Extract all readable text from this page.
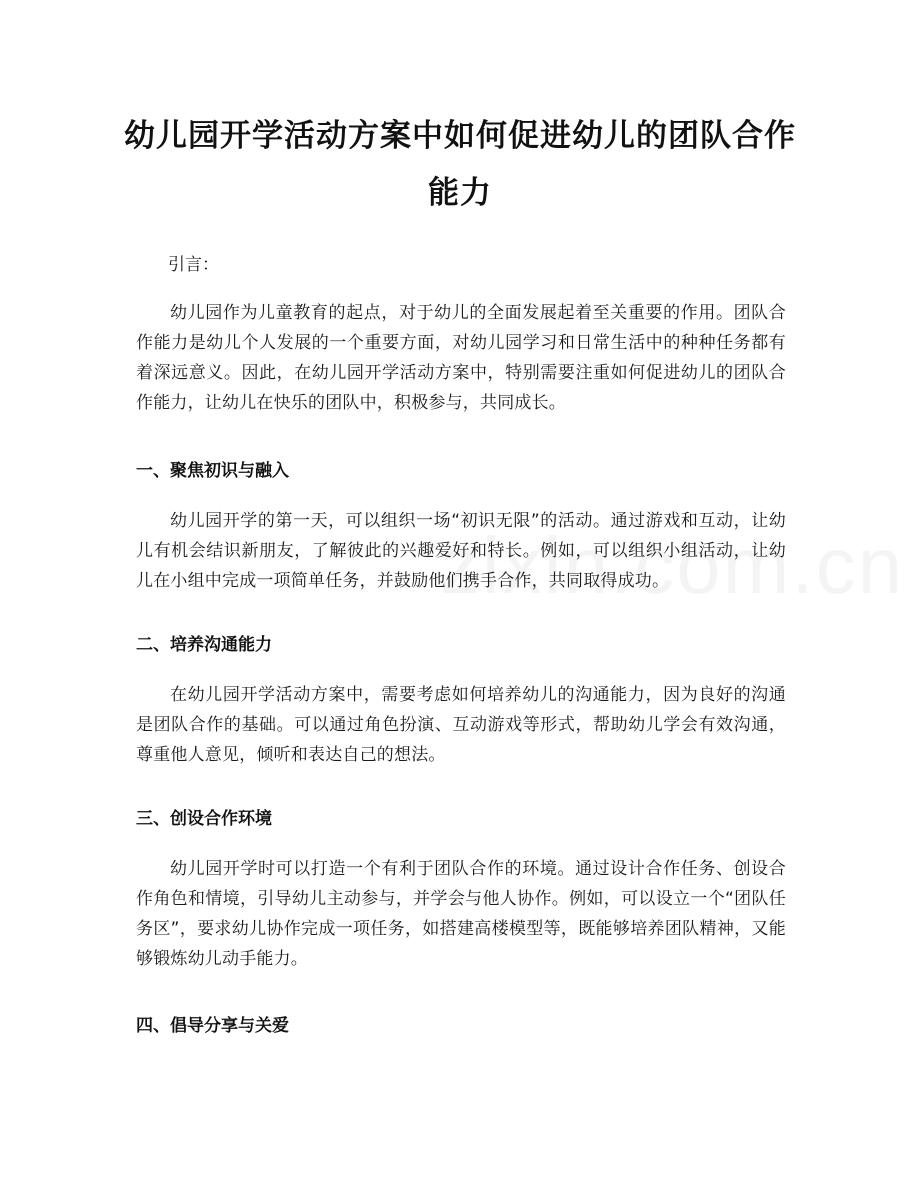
幼儿园开学活动方案中如何促进幼儿的团队合作能力
引言：
幼儿园作为儿童教育的起点，对于幼儿的全面发展起着至关重要的作用。团队合作能力是幼儿个人发展的一个重要方面，对幼儿园学习和日常生活中的种种任务都有着深远意义。因此，在幼儿园开学活动方案中，特别需要注重如何促进幼儿的团队合作能力，让幼儿在快乐的团队中，积极参与，共同成长。
一、聚焦初识与融入
幼儿园开学的第一天，可以组织一场“初识无限”的活动。通过游戏和互动，让幼儿有机会结识新朋友，了解彼此的兴趣爱好和特长。例如，可以组织小组活动，让幼儿在小组中完成一项简单任务，并鼓励他们携手合作，共同取得成功。
二、培养沟通能力
在幼儿园开学活动方案中，需要考虑如何培养幼儿的沟通能力，因为良好的沟通是团队合作的基础。可以通过角色扮演、互动游戏等形式，帮助幼儿学会有效沟通，尊重他人意见，倾听和表达自己的想法。
三、创设合作环境
幼儿园开学时可以打造一个有利于团队合作的环境。通过设计合作任务、创设合作角色和情境，引导幼儿主动参与，并学会与他人协作。例如，可以设立一个“团队任务区”，要求幼儿协作完成一项任务，如搭建高楼模型等，既能够培养团队精神，又能够锻炼幼儿动手能力。
四、倡导分享与关爱
